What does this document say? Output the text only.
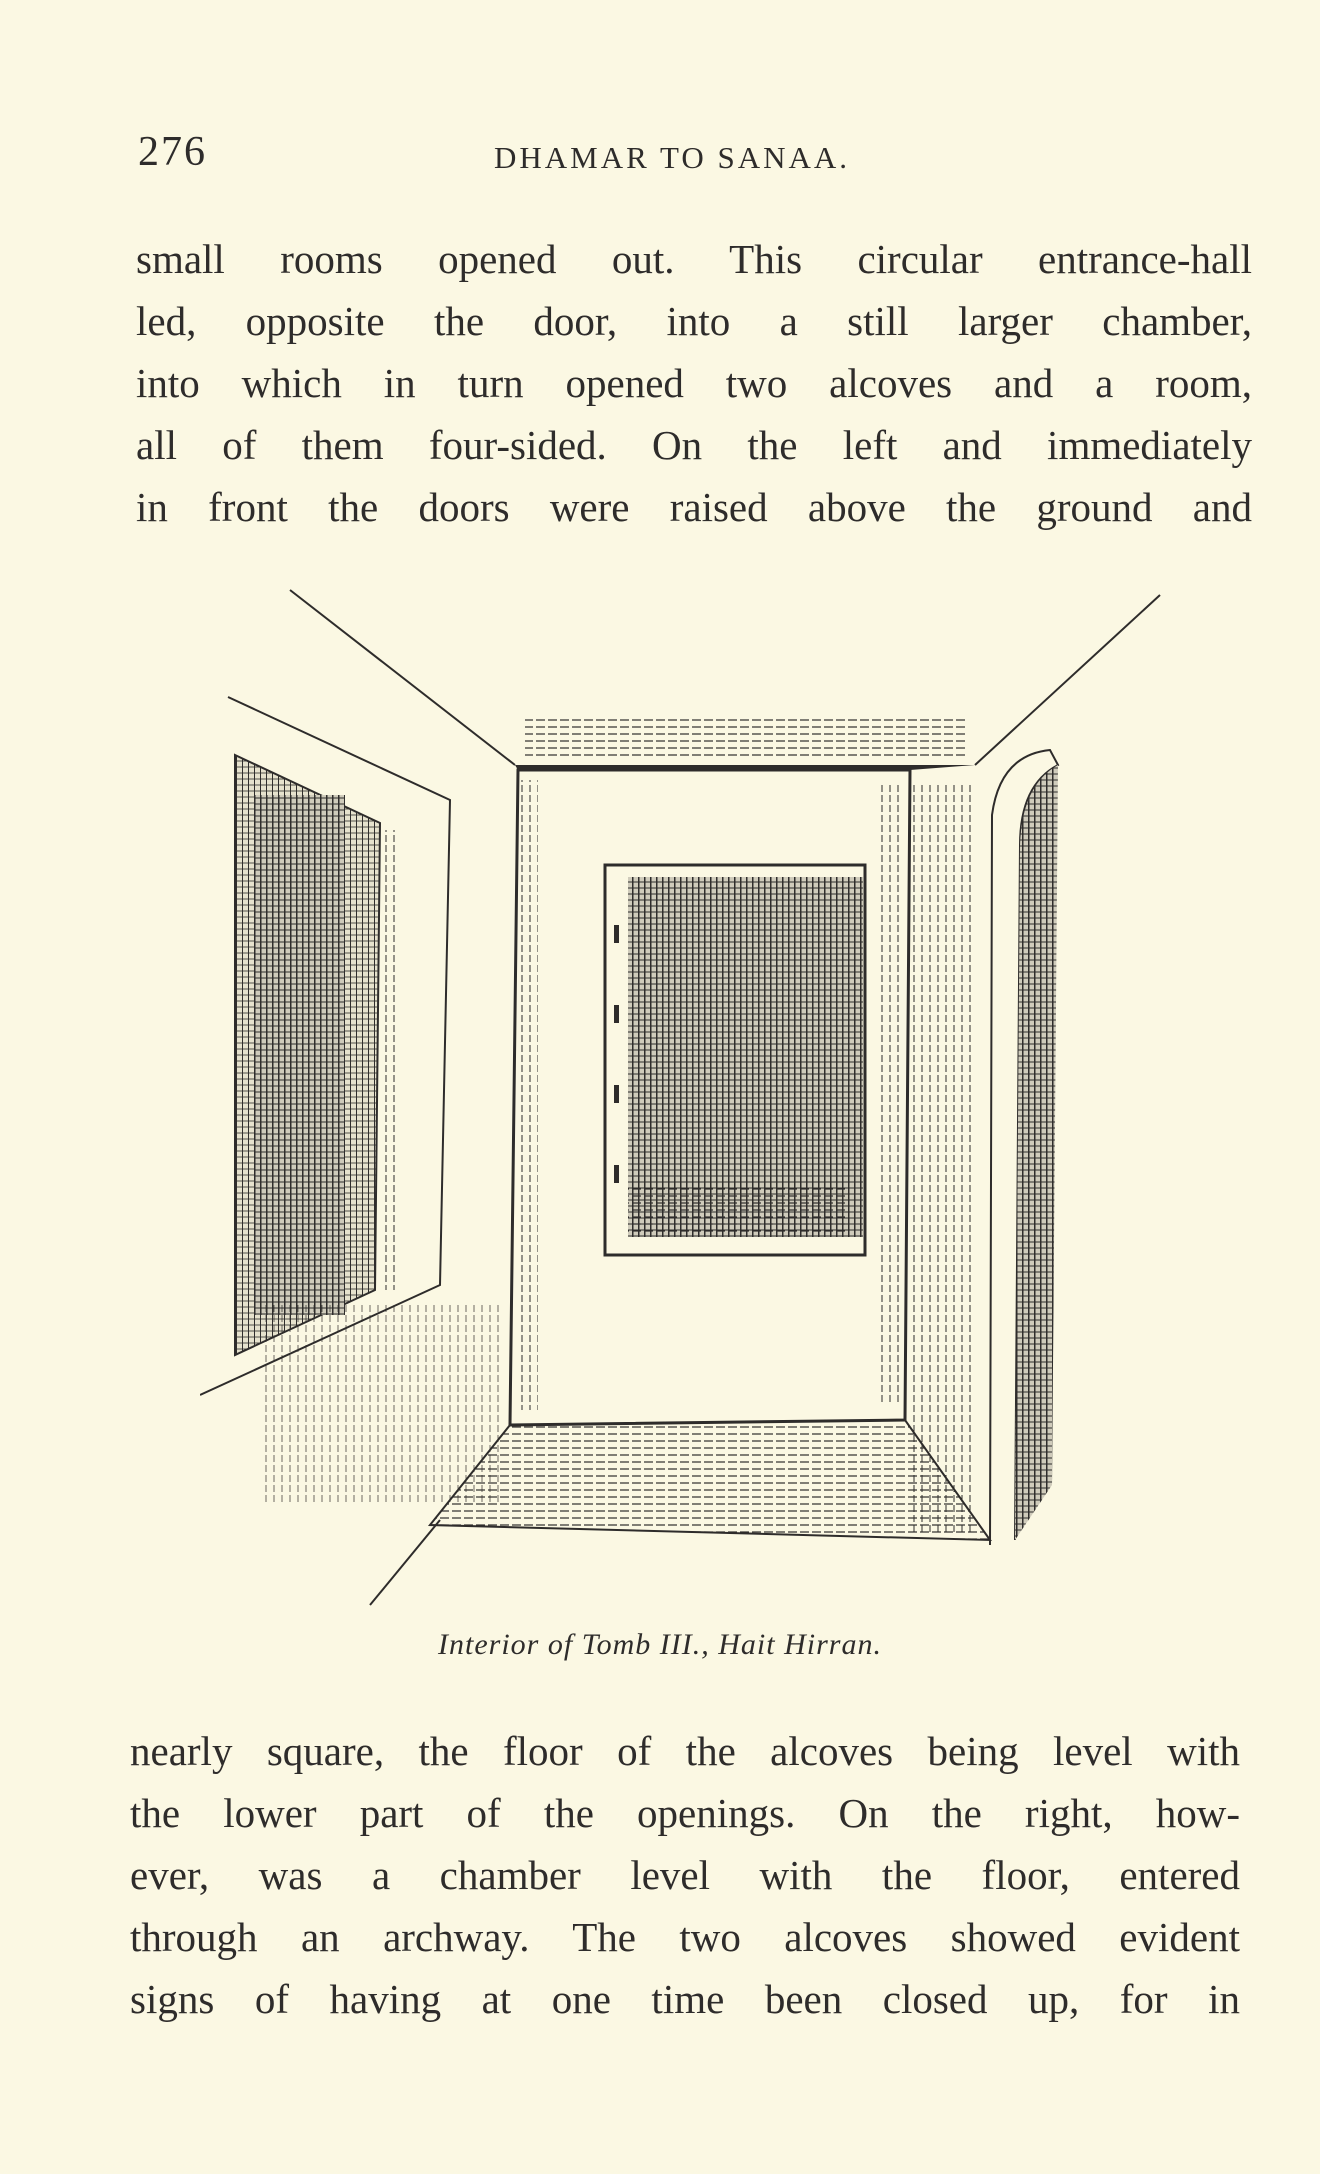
276	DHAMAR TO SANAA.
small rooms opened out. This circular entrance-hall
led, opposite the door, into a still larger chamber,
into which in turn opened two alcoves and a room,
all of them four-sided. On the left and immediately
in front the doors were raised above the ground and
Interior of Tomb III., Hait Hirran.
nearly square, the floor of the alcoves being level with
the lower part of the openings. On the right, how-
ever, was a chamber level with the floor, entered
through an archway. The two alcoves showed evident
signs of having at one time been closed up, for in
